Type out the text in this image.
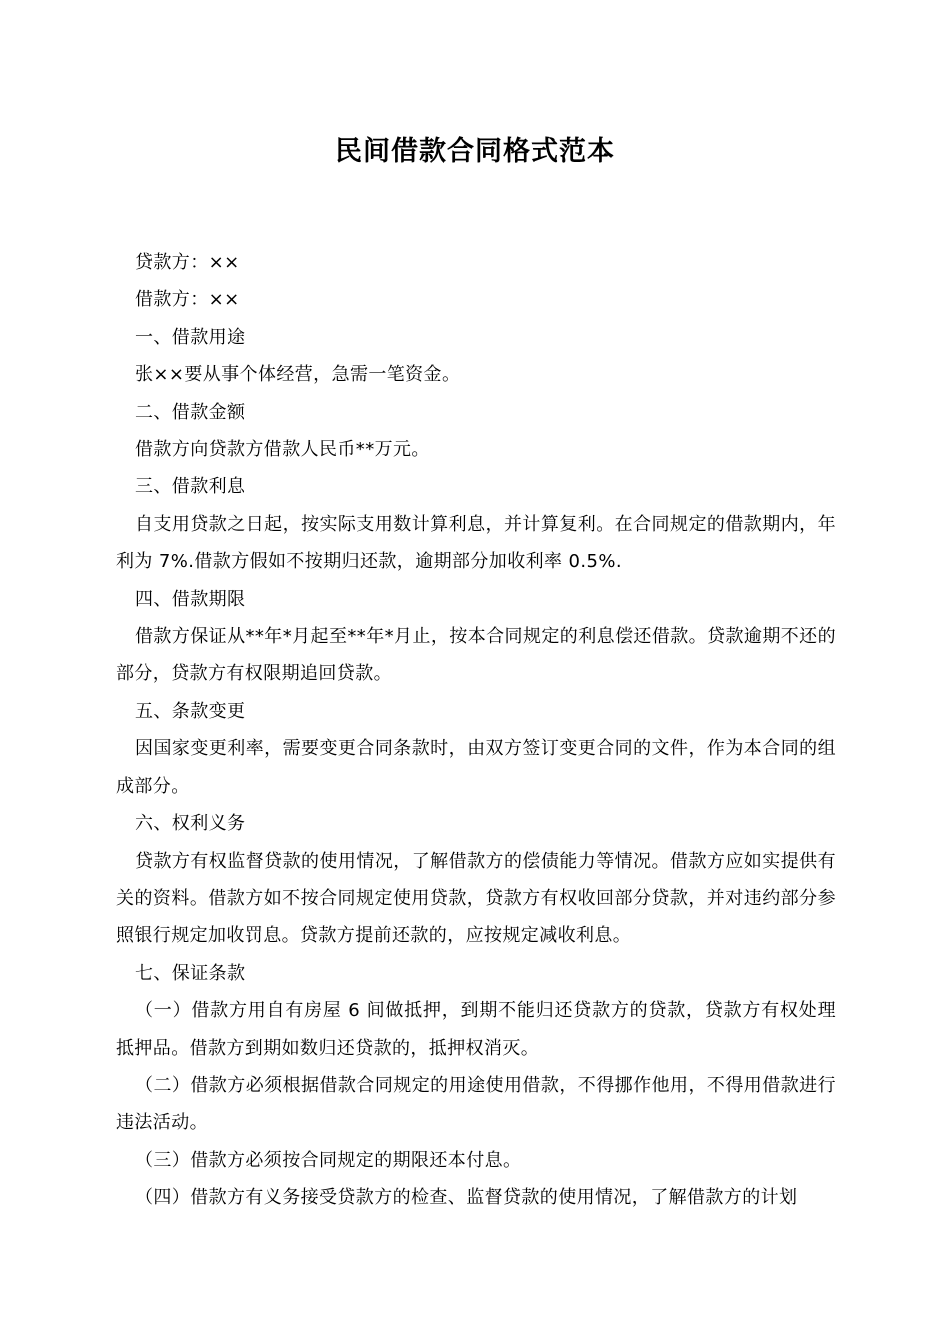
民间借款合同格式范本

贷款方：××

借款方：××

一、借款用途

张××要从事个体经营，急需一笔资金。

二、借款金额

借款方向贷款方借款人民币**万元。

三、借款利息

自支用贷款之日起，按实际支用数计算利息，并计算复利。在合同规定的借款期内，年利为 7%.借款方假如不按期归还款，逾期部分加收利率 0.5%.

四、借款期限

借款方保证从**年*月起至**年*月止，按本合同规定的利息偿还借款。贷款逾期不还的部分，贷款方有权限期追回贷款。

五、条款变更

因国家变更利率，需要变更合同条款时，由双方签订变更合同的文件，作为本合同的组成部分。

六、权利义务

贷款方有权监督贷款的使用情况，了解借款方的偿债能力等情况。借款方应如实提供有关的资料。借款方如不按合同规定使用贷款，贷款方有权收回部分贷款，并对违约部分参照银行规定加收罚息。贷款方提前还款的，应按规定减收利息。

七、保证条款

（一）借款方用自有房屋 6 间做抵押，到期不能归还贷款方的贷款，贷款方有权处理抵押品。借款方到期如数归还贷款的，抵押权消灭。

（二）借款方必须根据借款合同规定的用途使用借款，不得挪作他用，不得用借款进行违法活动。

（三）借款方必须按合同规定的期限还本付息。

（四）借款方有义务接受贷款方的检查、监督贷款的使用情况，了解借款方的计划
